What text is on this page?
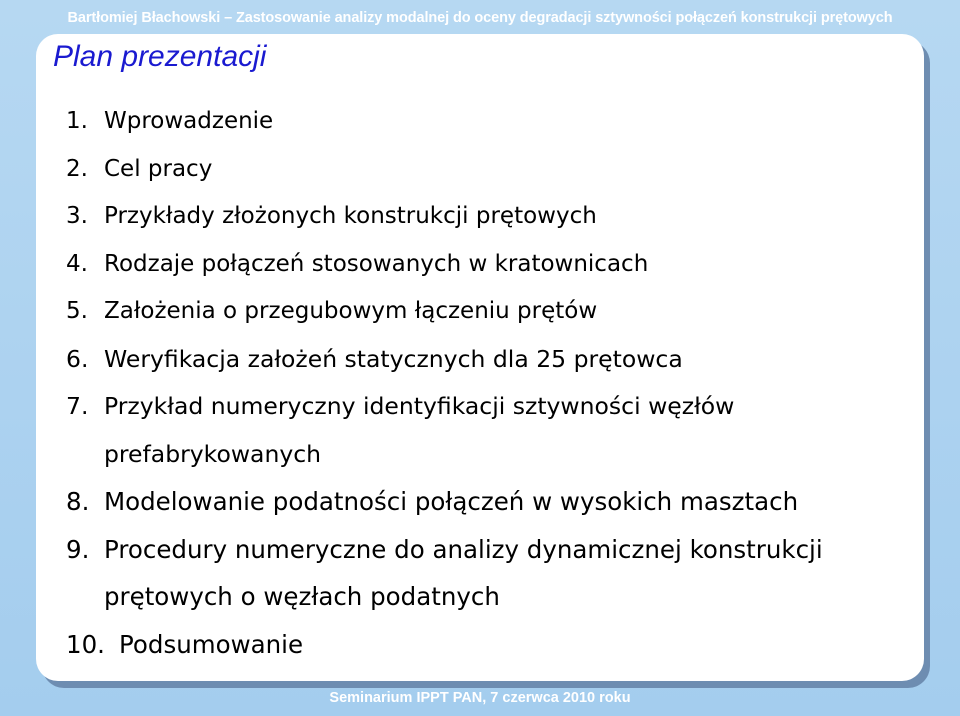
Bartłomiej Błachowski – Zastosowanie analizy modalnej do oceny degradacji sztywności połączeń konstrukcji prętowych
Plan prezentacji
1. Wprowadzenie
2. Cel pracy
3. Przykłady złożonych konstrukcji prętowych
4. Rodzaje połączeń stosowanych w kratownicach
5. Założenia o przegubowym łączeniu prętów
6. Weryfikacja założeń statycznych dla 25 prętowca
7. Przykład numeryczny identyfikacji sztywności węzłów prefabrykowanych
8. Modelowanie podatności połączeń w wysokich masztach
9. Procedury numeryczne do analizy dynamicznej konstrukcji prętowych o węzłach podatnych
10. Podsumowanie
Seminarium IPPT PAN, 7 czerwca 2010 roku
